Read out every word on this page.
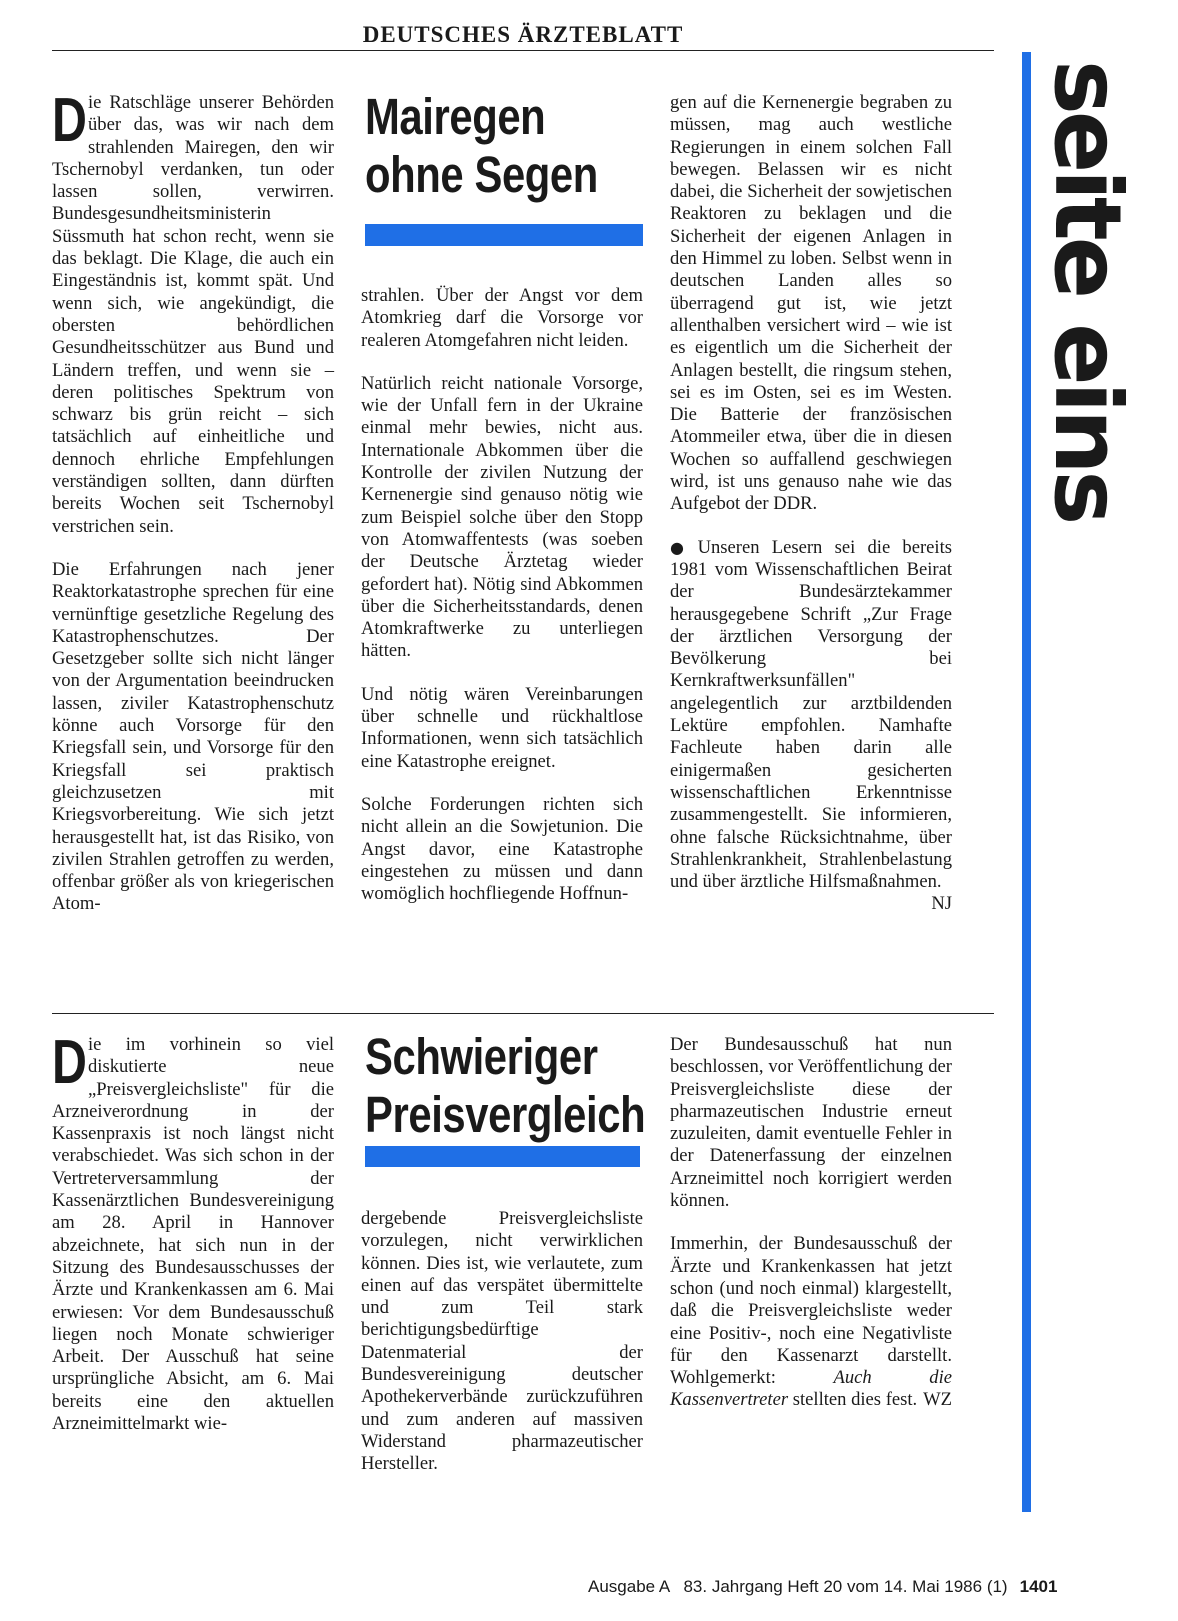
DEUTSCHES ÄRZTEBLATT
seite eins
Mairegen
ohne Segen

Die Ratschläge unserer Behörden über das, was wir nach dem strahlenden Mairegen, den wir Tschernobyl verdanken, tun oder lassen sollen, verwirren. Bundesgesundheitsministerin Süssmuth hat schon recht, wenn sie das beklagt. Die Klage, die auch ein Eingeständnis ist, kommt spät. Und wenn sich, wie angekündigt, die obersten behördlichen Gesundheitsschützer aus Bund und Ländern treffen, und wenn sie – deren politisches Spektrum von schwarz bis grün reicht – sich tatsächlich auf einheitliche und dennoch ehrliche Empfehlungen verständigen sollten, dann dürften bereits Wochen seit Tschernobyl verstrichen sein.

Die Erfahrungen nach jener Reaktorkatastrophe sprechen für eine vernünftige gesetzliche Regelung des Katastrophenschutzes. Der Gesetzgeber sollte sich nicht länger von der Argumentation beeindrucken lassen, ziviler Katastrophenschutz könne auch Vorsorge für den Kriegsfall sein, und Vorsorge für den Kriegsfall sei praktisch gleichzusetzen mit Kriegsvorbereitung. Wie sich jetzt herausgestellt hat, ist das Risiko, von zivilen Strahlen getroffen zu werden, offenbar größer als von kriegerischen Atom-

strahlen. Über der Angst vor dem Atomkrieg darf die Vorsorge vor realeren Atomgefahren nicht leiden.

Natürlich reicht nationale Vorsorge, wie der Unfall fern in der Ukraine einmal mehr bewies, nicht aus. Internationale Abkommen über die Kontrolle der zivilen Nutzung der Kernenergie sind genauso nötig wie zum Beispiel solche über den Stopp von Atomwaffentests (was soeben der Deutsche Ärztetag wieder gefordert hat). Nötig sind Abkommen über die Sicherheitsstandards, denen Atomkraftwerke zu unterliegen hätten.

Und nötig wären Vereinbarungen über schnelle und rückhaltlose Informationen, wenn sich tatsächlich eine Katastrophe ereignet.

Solche Forderungen richten sich nicht allein an die Sowjetunion. Die Angst davor, eine Katastrophe eingestehen zu müssen und dann womöglich hochfliegende Hoffnun-

gen auf die Kernenergie begraben zu müssen, mag auch westliche Regierungen in einem solchen Fall bewegen. Belassen wir es nicht dabei, die Sicherheit der sowjetischen Reaktoren zu beklagen und die Sicherheit der eigenen Anlagen in den Himmel zu loben. Selbst wenn in deutschen Landen alles so überragend gut ist, wie jetzt allenthalben versichert wird – wie ist es eigentlich um die Sicherheit der Anlagen bestellt, die ringsum stehen, sei es im Osten, sei es im Westen. Die Batterie der französischen Atommeiler etwa, über die in diesen Wochen so auffallend geschwiegen wird, ist uns genauso nahe wie das Aufgebot der DDR.

● Unseren Lesern sei die bereits 1981 vom Wissenschaftlichen Beirat der Bundesärztekammer herausgegebene Schrift „Zur Frage der ärztlichen Versorgung der Bevölkerung bei Kernkraftwerksunfällen" angelegentlich zur arztbildenden Lektüre empfohlen. Namhafte Fachleute haben darin alle einigermaßen gesicherten wissenschaftlichen Erkenntnisse zusammengestellt. Sie informieren, ohne falsche Rücksichtnahme, über Strahlenkrankheit, Strahlenbelastung und über ärztliche Hilfsmaßnahmen.
NJ

Schwieriger
Preisvergleich

Die im vorhinein so viel diskutierte neue „Preisvergleichsliste" für die Arzneiverordnung in der Kassenpraxis ist noch längst nicht verabschiedet. Was sich schon in der Vertreterversammlung der Kassenärztlichen Bundesvereinigung am 28. April in Hannover abzeichnete, hat sich nun in der Sitzung des Bundesausschusses der Ärzte und Krankenkassen am 6. Mai erwiesen: Vor dem Bundesausschuß liegen noch Monate schwieriger Arbeit. Der Ausschuß hat seine ursprüngliche Absicht, am 6. Mai bereits eine den aktuellen Arzneimittelmarkt wie-

dergebende Preisvergleichsliste vorzulegen, nicht verwirklichen können. Dies ist, wie verlautete, zum einen auf das verspätet übermittelte und zum Teil stark berichtigungsbedürftige Datenmaterial der Bundesvereinigung deutscher Apothekerverbände zurückzuführen und zum anderen auf massiven Widerstand pharmazeutischer Hersteller.

Der Bundesausschuß hat nun beschlossen, vor Veröffentlichung der Preisvergleichsliste diese der pharmazeutischen Industrie erneut zuzuleiten, damit eventuelle Fehler in der Datenerfassung der einzelnen Arzneimittel noch korrigiert werden können.

Immerhin, der Bundesausschuß der Ärzte und Krankenkassen hat jetzt schon (und noch einmal) klargestellt, daß die Preisvergleichsliste weder eine Positiv-, noch eine Negativliste für den Kassenarzt darstellt. Wohlgemerkt: Auch die Kassenvertreter stellten dies fest. WZ

Ausgabe A   83. Jahrgang Heft 20 vom 14. Mai 1986 (1) 1401
